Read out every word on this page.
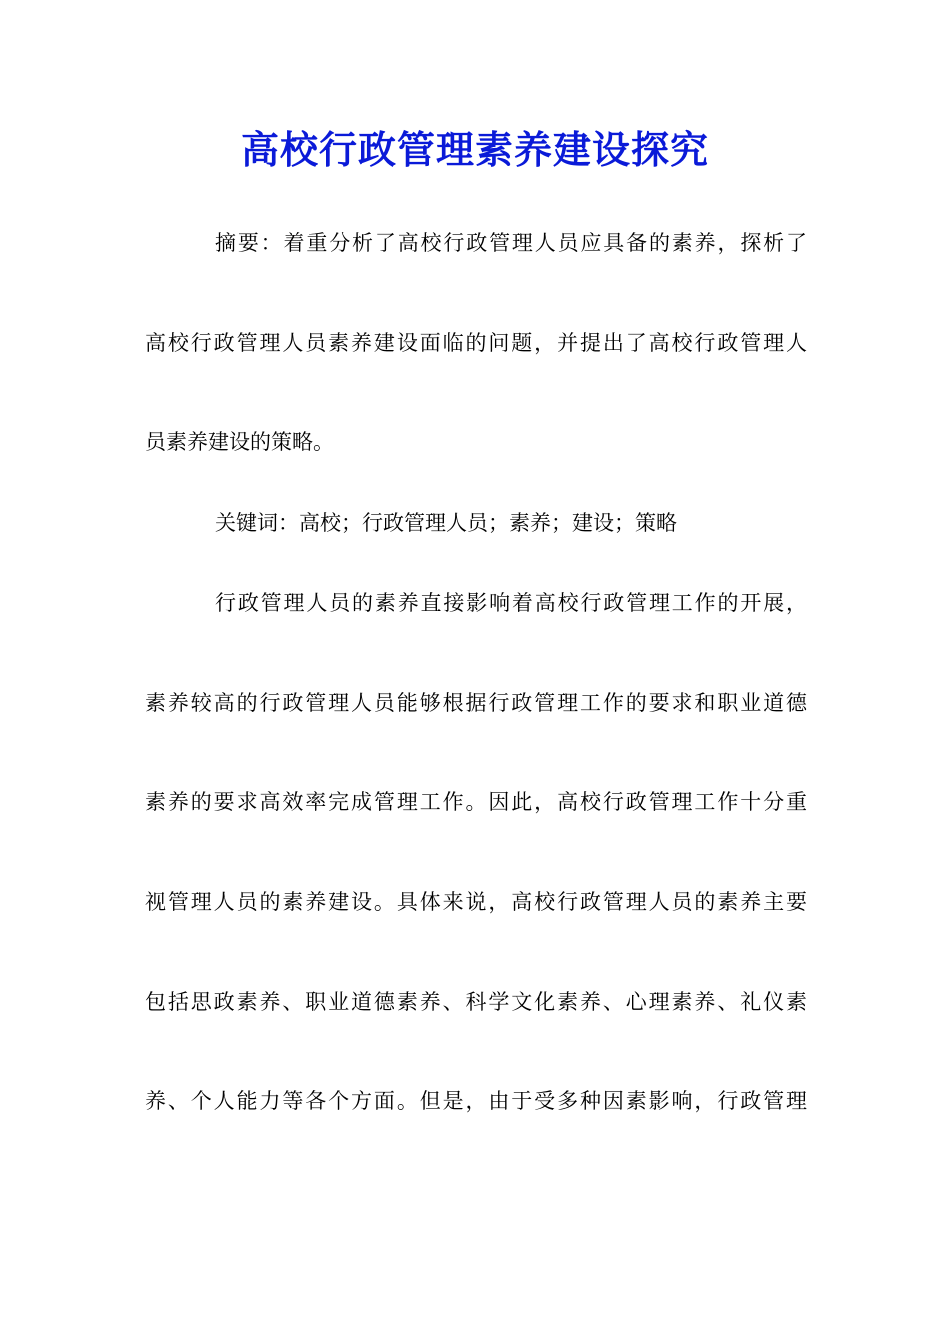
高校行政管理素养建设探究
摘要：着重分析了高校行政管理人员应具备的素养，探析了
高校行政管理人员素养建设面临的问题，并提出了高校行政管理人
员素养建设的策略。
关键词：高校；行政管理人员；素养；建设；策略
行政管理人员的素养直接影响着高校行政管理工作的开展，
素养较高的行政管理人员能够根据行政管理工作的要求和职业道德
素养的要求高效率完成管理工作。因此，高校行政管理工作十分重
视管理人员的素养建设。具体来说，高校行政管理人员的素养主要
包括思政素养、职业道德素养、科学文化素养、心理素养、礼仪素
养、个人能力等各个方面。但是，由于受多种因素影响，行政管理
